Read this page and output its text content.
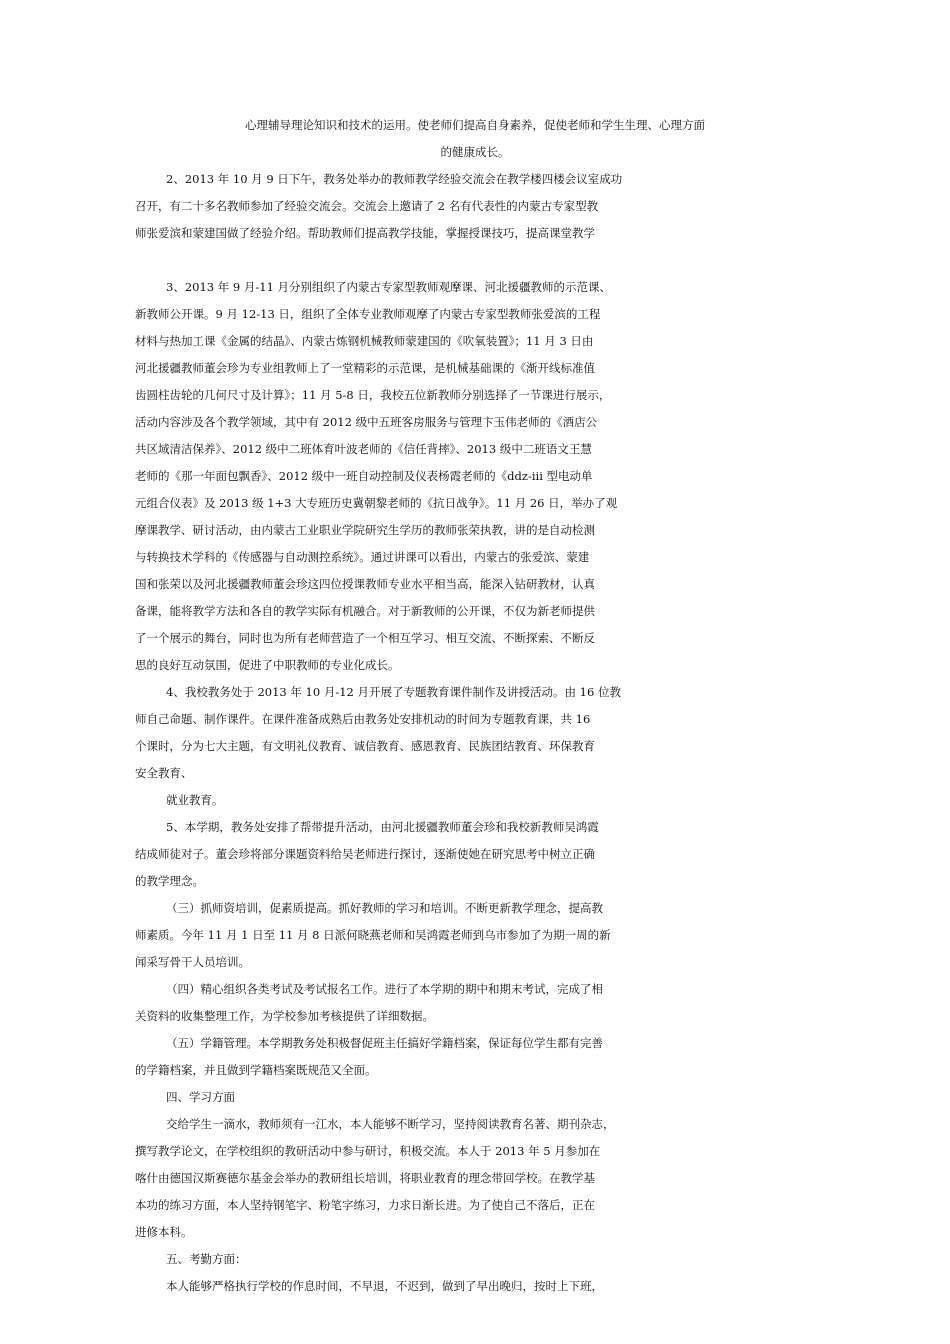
心理辅导理论知识和技术的运用。使老师们提高自身素养，促使老师和学生生理、心理方面
的健康成长。
2、2013 年 10 月 9 日下午，教务处举办的教师教学经验交流会在教学楼四楼会议室成功
召开，有二十多名教师参加了经验交流会。交流会上邀请了 2 名有代表性的内蒙古专家型教
师张爱滨和蒙建国做了经验介绍。帮助教师们提高教学技能，掌握授课技巧，提高课堂教学
3、2013 年 9 月-11 月分别组织了内蒙古专家型教师观摩课、河北援疆教师的示范课、
新教师公开课。9 月 12-13 日，组织了全体专业教师观摩了内蒙古专家型教师张爱滨的工程
材料与热加工课《金属的结晶》、内蒙古炼钢机械教师蒙建国的《吹氧装置》；11 月 3 日由
河北援疆教师董会珍为专业组教师上了一堂精彩的示范课，是机械基础课的《渐开线标准值
齿圆柱齿轮的几何尺寸及计算》；11 月 5-8 日，我校五位新教师分别选择了一节课进行展示，
活动内容涉及各个教学领域，其中有 2012 级中五班客房服务与管理卞玉伟老师的《酒店公
共区域清洁保养》、2012 级中二班体育叶波老师的《信任背摔》、2013 级中二班语文王慧
老师的《那一年面包飘香》、2012 级中一班自动控制及仪表杨霞老师的《ddz-iii 型电动单
元组合仪表》及 2013 级 1+3 大专班历史冀朝黎老师的《抗日战争》。11 月 26 日，举办了观
摩课教学、研讨活动，由内蒙古工业职业学院研究生学历的教师张荣执教，讲的是自动检测
与转换技术学科的《传感器与自动测控系统》。通过讲课可以看出，内蒙古的张爱滨、蒙建
国和张荣以及河北援疆教师董会珍这四位授课教师专业水平相当高，能深入钻研教材，认真
备课，能将教学方法和各自的教学实际有机融合。对于新教师的公开课，不仅为新老师提供
了一个展示的舞台，同时也为所有老师营造了一个相互学习、相互交流、不断探索、不断反
思的良好互动氛围，促进了中职教师的专业化成长。
4、我校教务处于 2013 年 10 月-12 月开展了专题教育课件制作及讲授活动。由 16 位教
师自己命题、制作课件。在课件准备成熟后由教务处安排机动的时间为专题教育课，共 16
个课时，分为七大主题，有文明礼仪教育、诚信教育、感恩教育、民族团结教育、环保教育
安全教育、
就业教育。
5、本学期，教务处安排了帮带提升活动，由河北援疆教师董会珍和我校新教师吴鸿霞
结成师徒对子。董会珍将部分课题资料给吴老师进行探讨，逐渐使她在研究思考中树立正确
的教学理念。
（三）抓师资培训，促素质提高。抓好教师的学习和培训。不断更新教学理念，提高教
师素质。今年 11 月 1 日至 11 月 8 日派何晓燕老师和吴鸿霞老师到乌市参加了为期一周的新
闻采写骨干人员培训。
（四）精心组织各类考试及考试报名工作。进行了本学期的期中和期末考试，完成了相
关资料的收集整理工作，为学校参加考核提供了详细数据。
（五）学籍管理。本学期教务处积极督促班主任搞好学籍档案，保证每位学生都有完善
的学籍档案，并且做到学籍档案既规范又全面。
四、学习方面
交给学生一滴水，教师须有一江水，本人能够不断学习，坚持阅读教育名著、期刊杂志，
撰写教学论文，在学校组织的教研活动中参与研讨，积极交流。本人于 2013 年 5 月参加在
喀什由德国汉斯赛德尔基金会举办的教研组长培训，将职业教育的理念带回学校。在教学基
本功的练习方面，本人坚持钢笔字、粉笔字练习，力求日渐长进。为了使自己不落后，正在
进修本科。
五、考勤方面：
本人能够严格执行学校的作息时间，不早退，不迟到，做到了早出晚归，按时上下班，
